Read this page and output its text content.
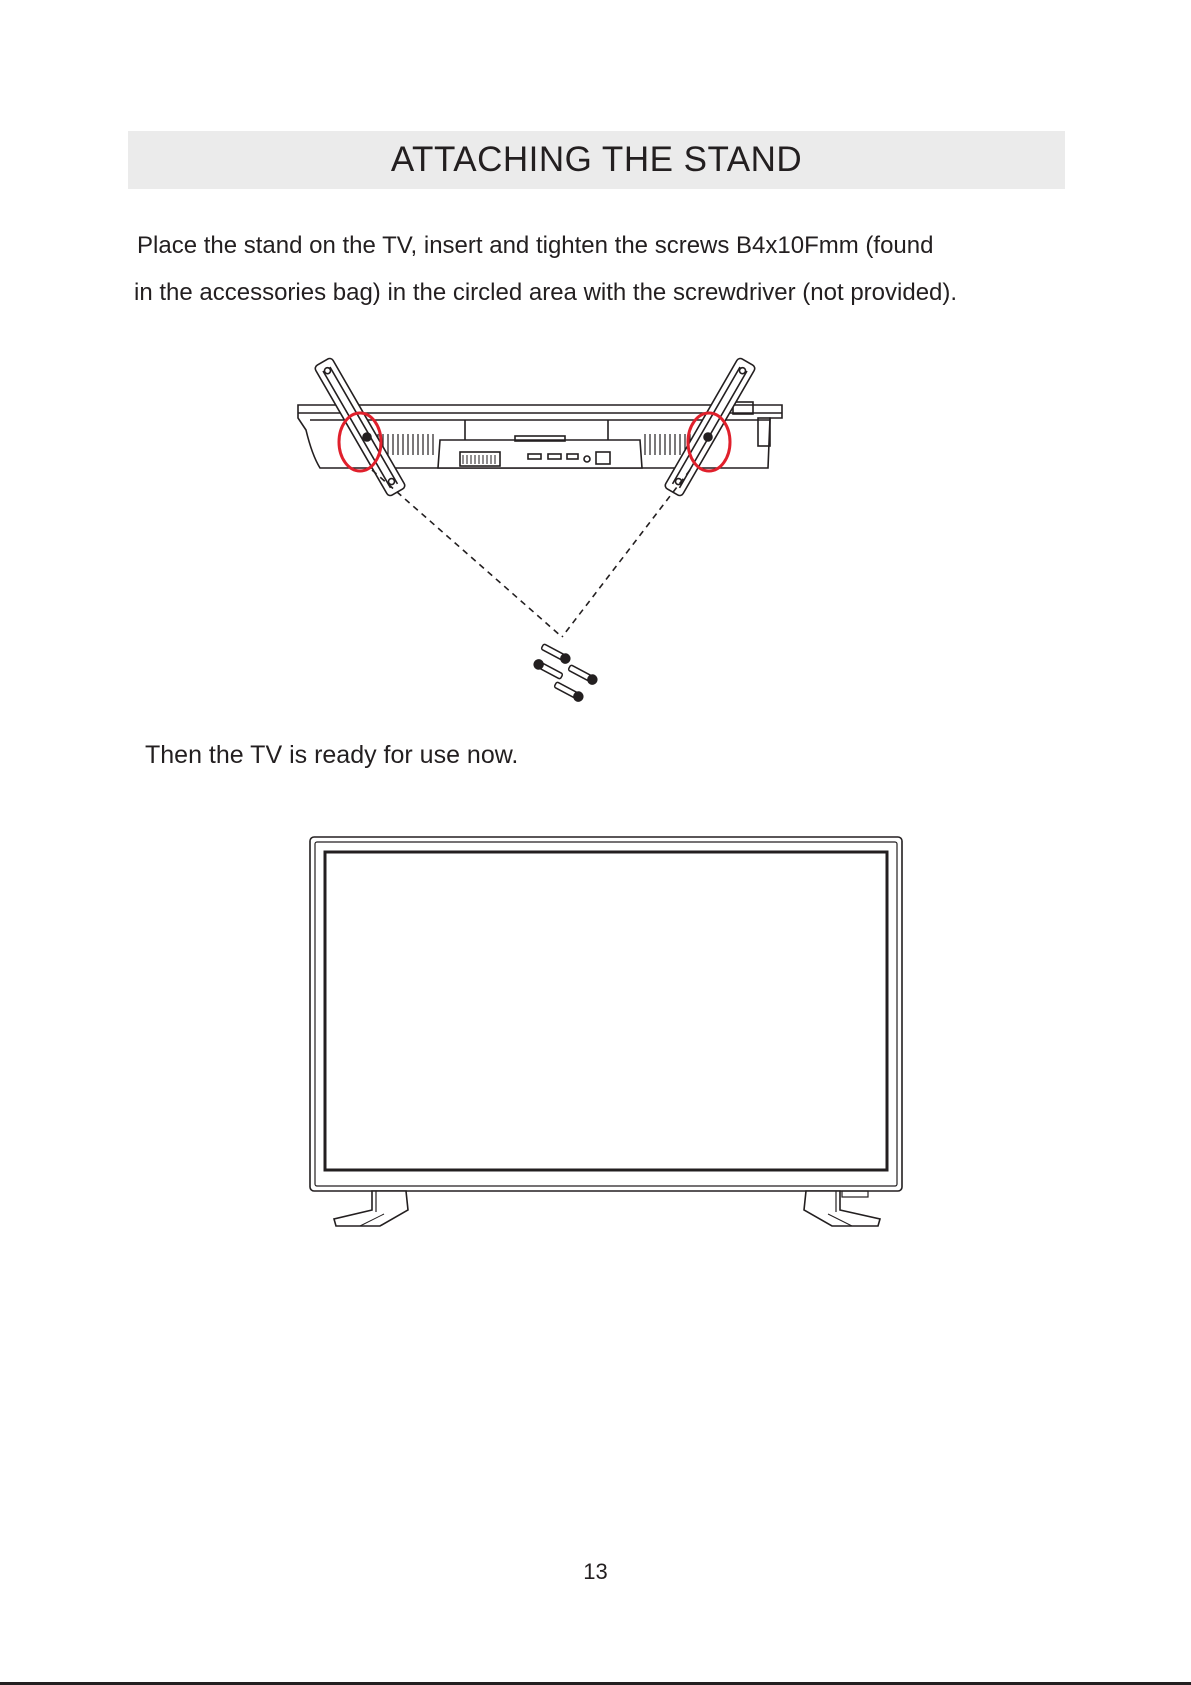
ATTACHING THE STAND
Place the stand on the TV, insert and tighten the screws B4x10Fmm (found
in the accessories bag) in the circled area with the screwdriver (not provided).
Then the TV is ready for use now.
13
